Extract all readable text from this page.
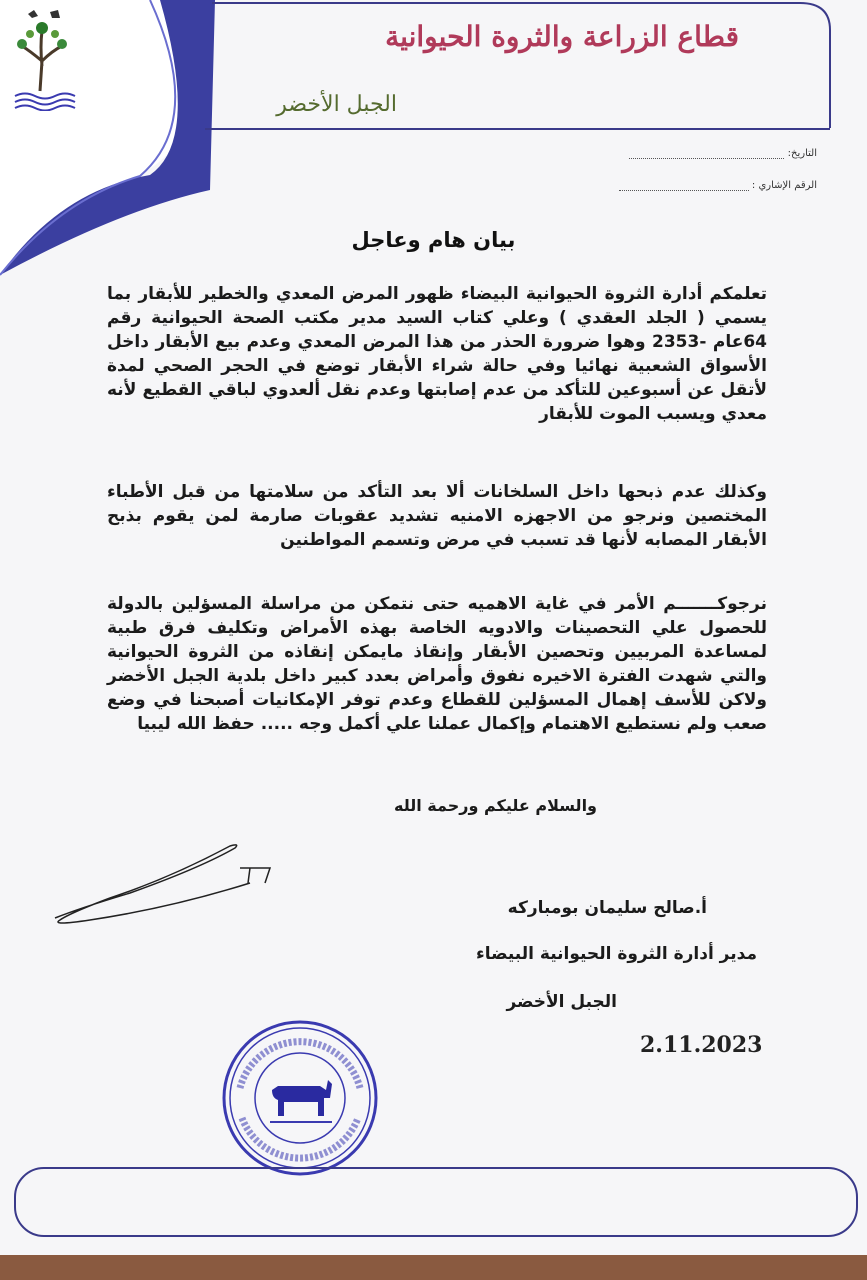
قطاع الزراعة والثروة الحيوانية
الجبل الأخضر
التاريخ:
الرقم الإشاري :
بيان هام وعاجل
تعلمكم أدارة الثروة الحيوانية البيضاء ظهور المرض المعدي والخطير للأبقار بما يسمي ( الجلد العقدي ) وعلي كتاب السيد مدير مكتب الصحة الحيوانية رقم 64عام -2353 وهوا ضرورة الحذر من هذا المرض المعدي وعدم بيع الأبقار داخل الأسواق الشعبية نهائيا وفي حالة شراء الأبقار توضع في الحجر الصحي لمدة لأتقل عن أسبوعين للتأكد من عدم إصابتها وعدم نقل ألعدوي لباقي القطيع لأنه معدي ويسبب الموت للأبقار
وكذلك عدم ذبحها داخل السلخانات ألا بعد التأكد من سلامتها من قبل الأطباء المختصين ونرجو من الاجهزه الامنيه تشديد عقوبات صارمة لمن يقوم بذبح الأبقار المصابه لأنها قد تسبب في مرض وتسمم المواطنين
نرجوكـــــــم الأمر في غاية الاهميه حتى نتمكن من مراسلة المسؤلين بالدولة للحصول علي التحصينات والادويه الخاصة بهذه الأمراض وتكليف فرق طبية لمساعدة المربيين وتحصين الأبقار وإنقاذ مايمكن إنقاذه من الثروة الحيوانية والتي شهدت الفترة الاخيره نفوق وأمراض بعدد كبير داخل بلدية الجبل الأخضر ولاكن للأسف إهمال المسؤلين للقطاع وعدم توفر الإمكانيات أصبحنا في وضع صعب ولم نستطيع الاهتمام وإكمال عملنا علي أكمل وجه ..... حفظ الله ليبيا
والسلام عليكم ورحمة الله
أ.صالح سليمان بومباركه
مدير أدارة الثروة الحيوانية البيضاء
الجبل الأخضر
2.11.2023
